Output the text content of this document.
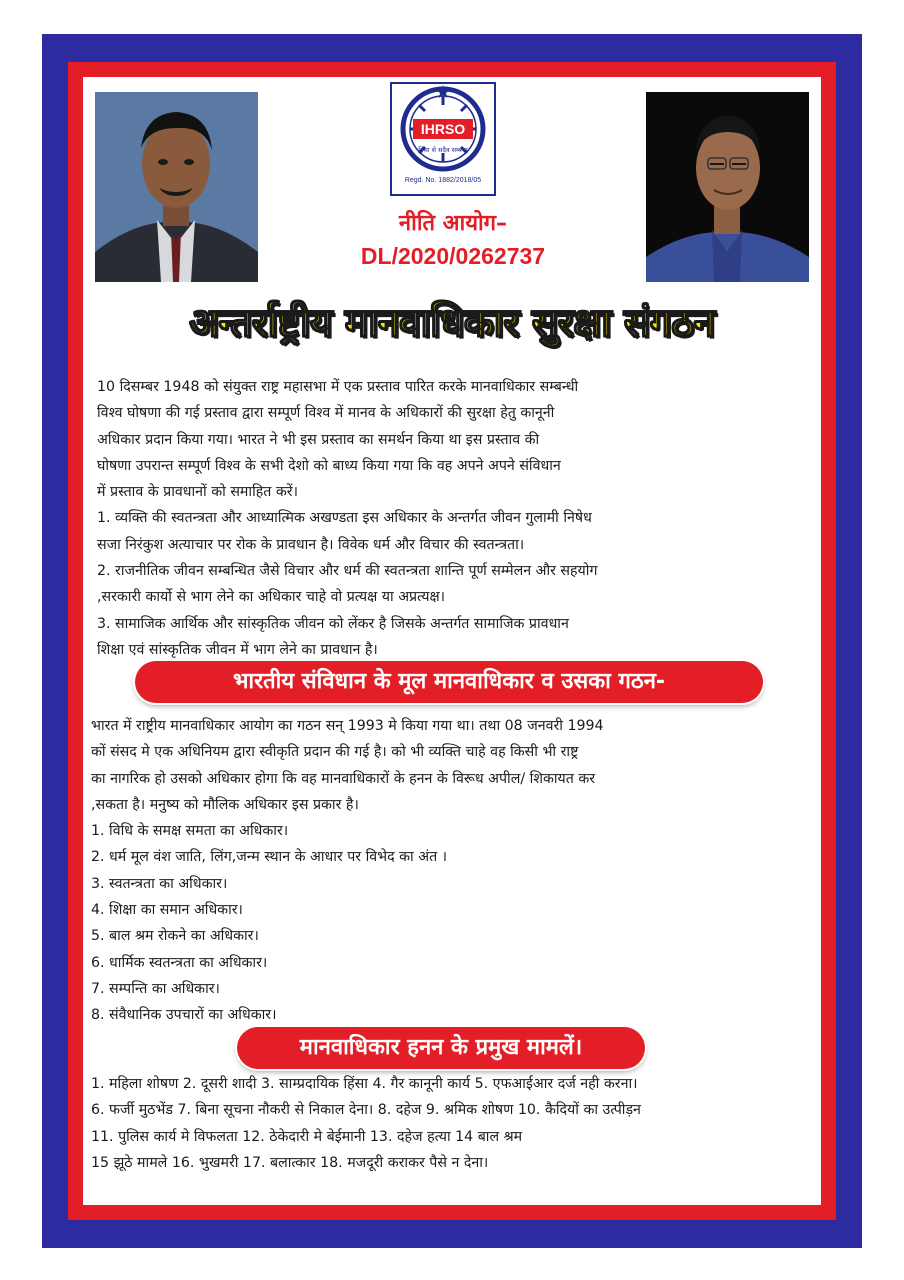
IHRSO
हिंसा से सदैव सम्बन्ध
Regd. No. 1882/2018/05
नीति आयोग–
DL/2020/0262737
अन्तर्राष्ट्रीय मानवाधिकार सुरक्षा संगठन

10 दिसम्बर 1948 को संयुक्त राष्ट्र महासभा में एक प्रस्ताव पारित करके मानवाधिकार सम्बन्धी

विश्व घोषणा की गई प्रस्ताव द्वारा सम्पूर्ण विश्व में मानव के अधिकारों की सुरक्षा हेतु कानूनी

अधिकार प्रदान किया गया। भारत ने भी इस प्रस्ताव का समर्थन किया था इस प्रस्ताव की

घोषणा उपरान्त सम्पूर्ण विश्व के सभी देशो को बाध्य किया गया कि वह अपने अपने संविधान

में प्रस्ताव के प्रावधानों को समाहित करें।

1. व्यक्ति की स्वतन्त्रता और आध्यात्मिक अखण्डता इस अधिकार के अन्तर्गत जीवन गुलामी निषेध

सजा निरंकुश अत्याचार पर रोक के प्रावधान है। विवेक धर्म और विचार की स्वतन्त्रता।

2. राजनीतिक जीवन सम्बन्धित जैसे विचार और धर्म की स्वतन्त्रता शान्ति पूर्ण सम्मेलन और सहयोग

,सरकारी कार्यो से भाग लेने का अधिकार चाहे वो प्रत्यक्ष या अप्रत्यक्ष।

3. सामाजिक आर्थिक और सांस्कृतिक जीवन को लेंकर है जिसके अन्तर्गत सामाजिक प्रावधान

शिक्षा एवं सांस्कृतिक जीवन में भाग लेने का प्रावधान है।

भारतीय संविधान के मूल मानवाधिकार व उसका गठन-

भारत में राष्ट्रीय मानवाधिकार आयोग का गठन सन् 1993 मे किया गया था। तथा 08 जनवरी 1994

कों संसद मे एक अधिनियम द्वारा स्वीकृति प्रदान की गई है। को भी व्यक्ति चाहे वह किसी भी राष्ट्र

का नागरिक हो उसको अधिकार होगा कि वह मानवाधिकारों के हनन के विरूध अपील/ शिकायत कर

,सकता है। मनुष्य को मौलिक अधिकार इस प्रकार है।

1. विधि के समक्ष समता का अधिकार।

2. धर्म मूल वंश जाति, लिंग,जन्म स्थान के आधार पर विभेद का अंत ।

3. स्वतन्त्रता का अधिकार।

4. शिक्षा का समान अधिकार।

5. बाल श्रम रोकने का अधिकार।

6. धार्मिक स्वतन्त्रता का अधिकार।

7. सम्पन्ति का अधिकार।

8. संवैधानिक उपचारों का अधिकार।

मानवाधिकार हनन के प्रमुख मामलें।

1. महिला शोषण 2. दूसरी शादी 3. साम्प्रदायिक हिंसा 4. गैर कानूनी कार्य 5. एफआईआर दर्ज नही करना।

6. फर्जी मुठभेंड 7. बिना सूचना नौकरी से निकाल देना। 8. दहेज 9. श्रमिक शोषण 10. कैदियों का उत्पीड़न

11. पुलिस कार्य मे विफलता 12. ठेकेदारी मे बेईमानी 13. दहेज हत्या 14 बाल श्रम

15 झूठे मामले 16. भुखमरी 17. बलात्कार 18. मजदूरी कराकर पैसे न देना।
